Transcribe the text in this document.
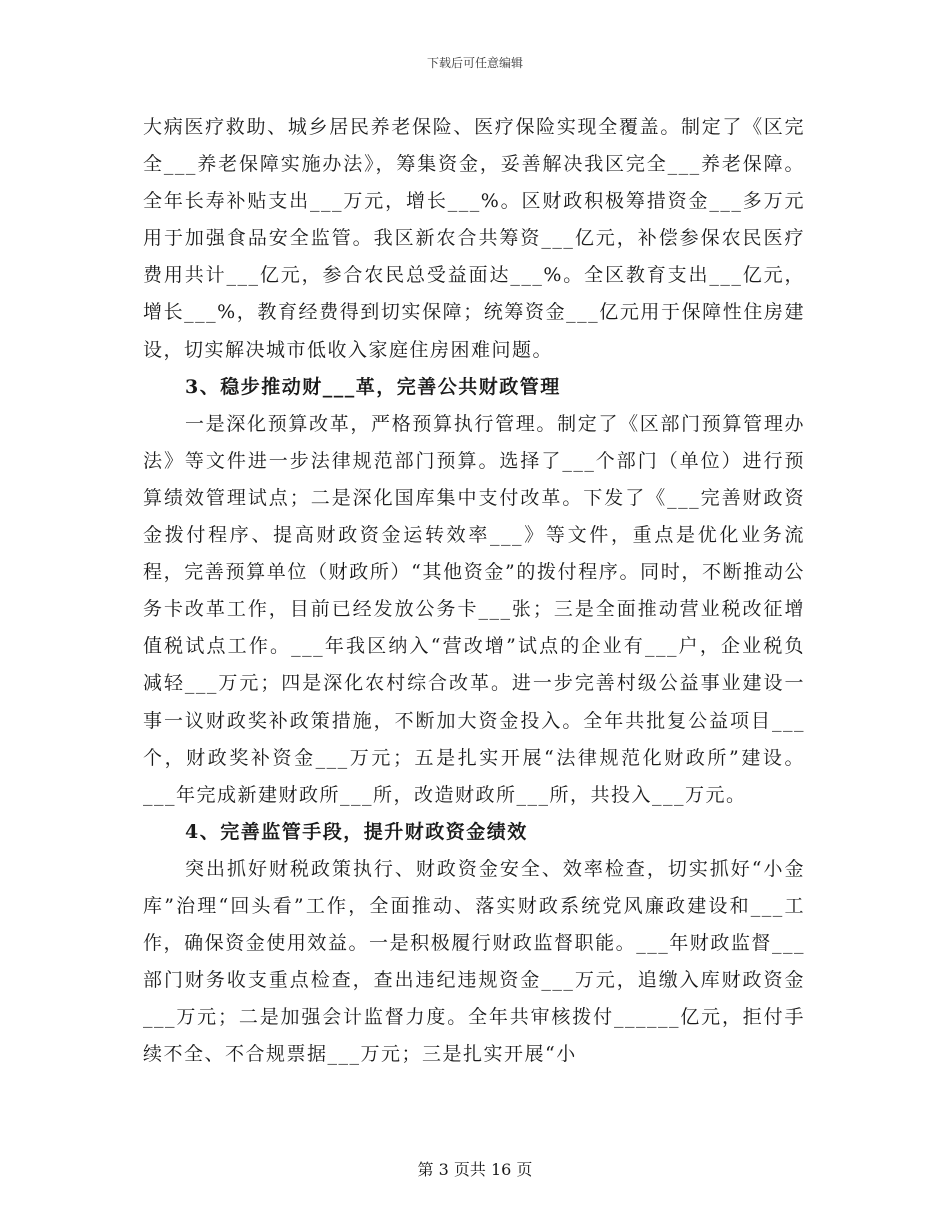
下载后可任意编辑

大病医疗救助、城乡居民养老保险、医疗保险实现全覆盖。制定了《区完全___养老保障实施办法》，筹集资金，妥善解决我区完全___养老保障。全年长寿补贴支出___万元，增长___%。区财政积极筹措资金___多万元用于加强食品安全监管。我区新农合共筹资___亿元，补偿参保农民医疗费用共计___亿元，参合农民总受益面达___%。全区教育支出___亿元，增长___%，教育经费得到切实保障；统筹资金___亿元用于保障性住房建设，切实解决城市低收入家庭住房困难问题。

3、稳步推动财___革，完善公共财政管理

一是深化预算改革，严格预算执行管理。制定了《区部门预算管理办法》等文件进一步法律规范部门预算。选择了___个部门（单位）进行预算绩效管理试点；二是深化国库集中支付改革。下发了《___完善财政资金拨付程序、提高财政资金运转效率___》等文件，重点是优化业务流程，完善预算单位（财政所）“其他资金”的拨付程序。同时，不断推动公务卡改革工作，目前已经发放公务卡___张；三是全面推动营业税改征增值税试点工作。___年我区纳入“营改增”试点的企业有___户，企业税负减轻___万元；四是深化农村综合改革。进一步完善村级公益事业建设一事一议财政奖补政策措施，不断加大资金投入。全年共批复公益项目___个，财政奖补资金___万元；五是扎实开展“法律规范化财政所”建设。___年完成新建财政所___所，改造财政所___所，共投入___万元。

4、完善监管手段，提升财政资金绩效

突出抓好财税政策执行、财政资金安全、效率检查，切实抓好“小金库”治理“回头看”工作，全面推动、落实财政系统党风廉政建设和___工作，确保资金使用效益。一是积极履行财政监督职能。___年财政监督___部门财务收支重点检查，查出违纪违规资金___万元，追缴入库财政资金___万元；二是加强会计监督力度。全年共审核拨付______亿元，拒付手续不全、不合规票据___万元；三是扎实开展“小

第 3 页共 16 页
